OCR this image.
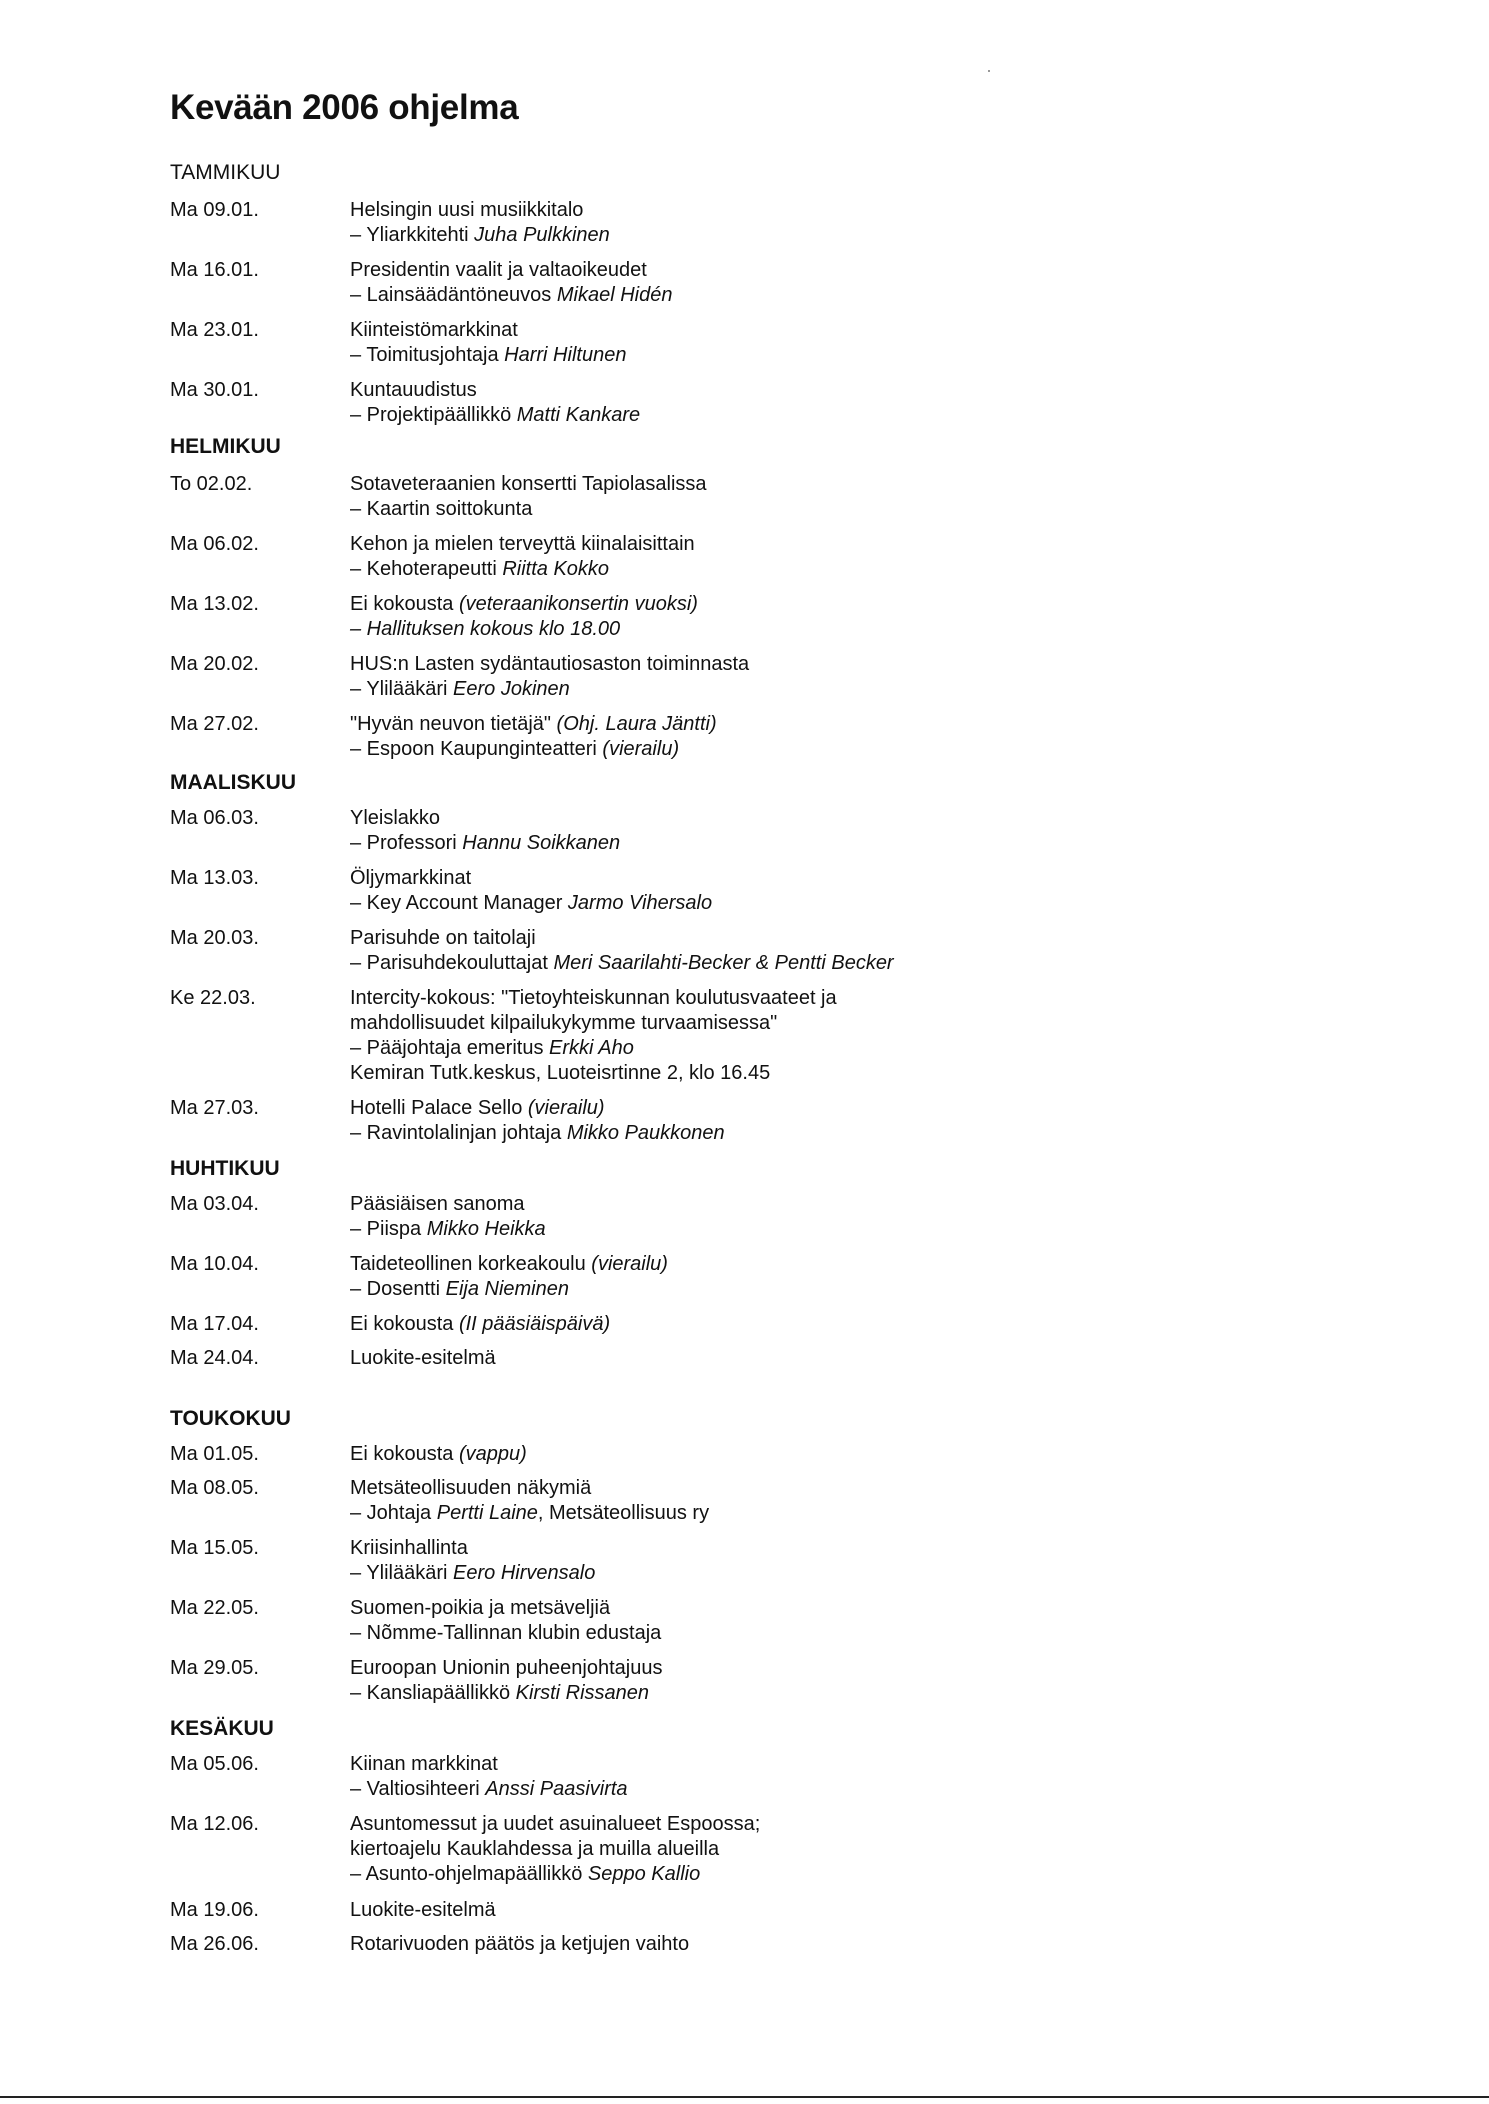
Kevään 2006 ohjelma
TAMMIKUU
HELMIKUU
MAALISKUU
HUHTIKUU
TOUKOKUU
KESÄKUU
Ma 09.01.	Helsingin uusi musiikkitalo
– Yliarkkitehti Juha Pulkkinen
Ma 16.01.	Presidentin vaalit ja valtaoikeudet
– Lainsäädäntöneuvos Mikael Hidén
Ma 23.01.	Kiinteistömarkkinat
– Toimitusjohtaja Harri Hiltunen
Ma 30.01.	Kuntauudistus
– Projektipäällikkö Matti Kankare
To 02.02.	Sotaveteraanien konsertti Tapiolasalissa
– Kaartin soittokunta
Ma 06.02.	Kehon ja mielen terveyttä kiinalaisittain
– Kehoterapeutti Riitta Kokko
Ma 13.02.	Ei kokousta (veteraanikonsertin vuoksi)
– Hallituksen kokous klo 18.00
Ma 20.02.	HUS:n Lasten sydäntautiosaston toiminnasta
– Ylilääkäri Eero Jokinen
Ma 27.02.	"Hyvän neuvon tietäjä" (Ohj. Laura Jäntti)
– Espoon Kaupunginteatteri (vierailu)
Ma 06.03.	Yleislakko
– Professori Hannu Soikkanen
Ma 13.03.	Öljymarkkinat
– Key Account Manager Jarmo Vihersalo
Ma 20.03.	Parisuhde on taitolaji
– Parisuhdekouluttajat Meri Saarilahti-Becker & Pentti Becker
Ke 22.03.	Intercity-kokous: "Tietoyhteiskunnan koulutusvaateet ja
mahdollisuudet kilpailukykymme turvaamisessa"
– Pääjohtaja emeritus Erkki Aho
Kemiran Tutk.keskus, Luoteisrtinne 2, klo 16.45
Ma 27.03.	Hotelli Palace Sello (vierailu)
– Ravintolalinjan johtaja Mikko Paukkonen
Ma 03.04.	Pääsiäisen sanoma
– Piispa Mikko Heikka
Ma 10.04.	Taideteollinen korkeakoulu (vierailu)
– Dosentti Eija Nieminen
Ma 17.04.	Ei kokousta (II pääsiäispäivä)
Ma 24.04.	Luokite-esitelmä
Ma 01.05.	Ei kokousta (vappu)
Ma 08.05.	Metsäteollisuuden näkymiä
– Johtaja Pertti Laine, Metsäteollisuus ry
Ma 15.05.	Kriisinhallinta
– Ylilääkäri Eero Hirvensalo
Ma 22.05.	Suomen-poikia ja metsäveljiä
– Nõmme-Tallinnan klubin edustaja
Ma 29.05.	Euroopan Unionin puheenjohtajuus
– Kansliapäällikkö Kirsti Rissanen
Ma 05.06.	Kiinan markkinat
– Valtiosihteeri Anssi Paasivirta
Ma 12.06.	Asuntomessut ja uudet asuinalueet Espoossa;
kiertoajelu Kauklahdessa ja muilla alueilla
– Asunto-ohjelmapäällikkö Seppo Kallio
Ma 19.06.	Luokite-esitelmä
Ma 26.06.	Rotarivuoden päätös ja ketjujen vaihto
